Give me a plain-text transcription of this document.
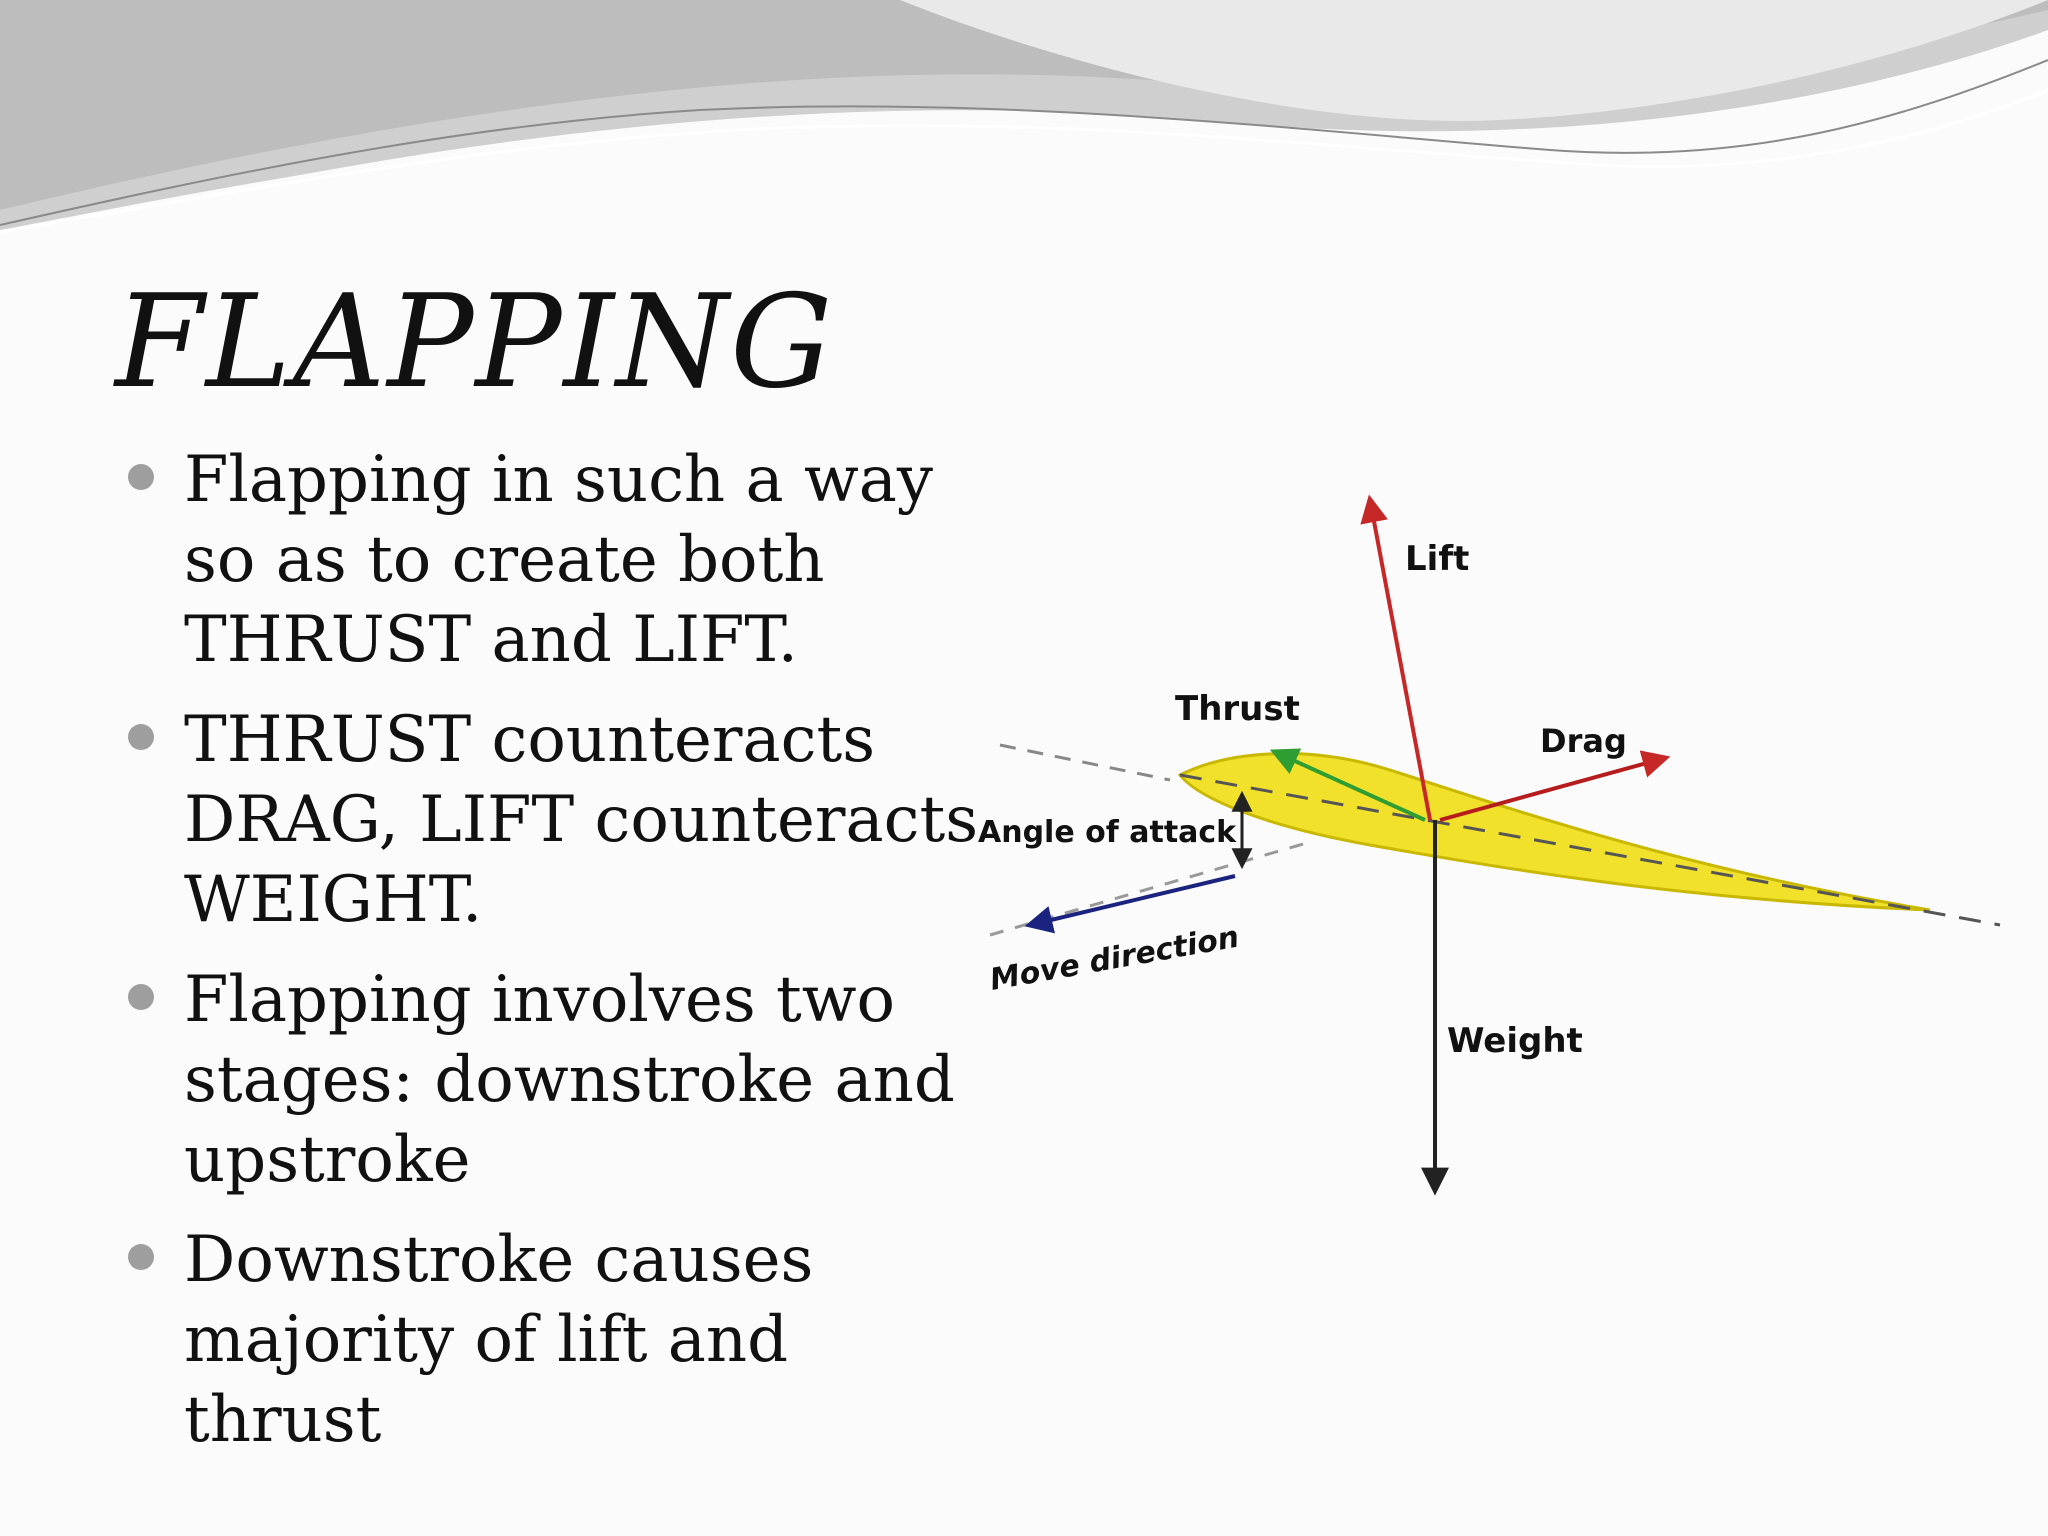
FLAPPING
Flapping in such a way so as to create both THRUST and LIFT.
THRUST counteracts DRAG, LIFT counteracts WEIGHT.
Flapping involves two stages: downstroke and upstroke
Downstroke causes majority of lift and thrust
Lift
Thrust
Drag
Angle of attack
Move direction
Weight
